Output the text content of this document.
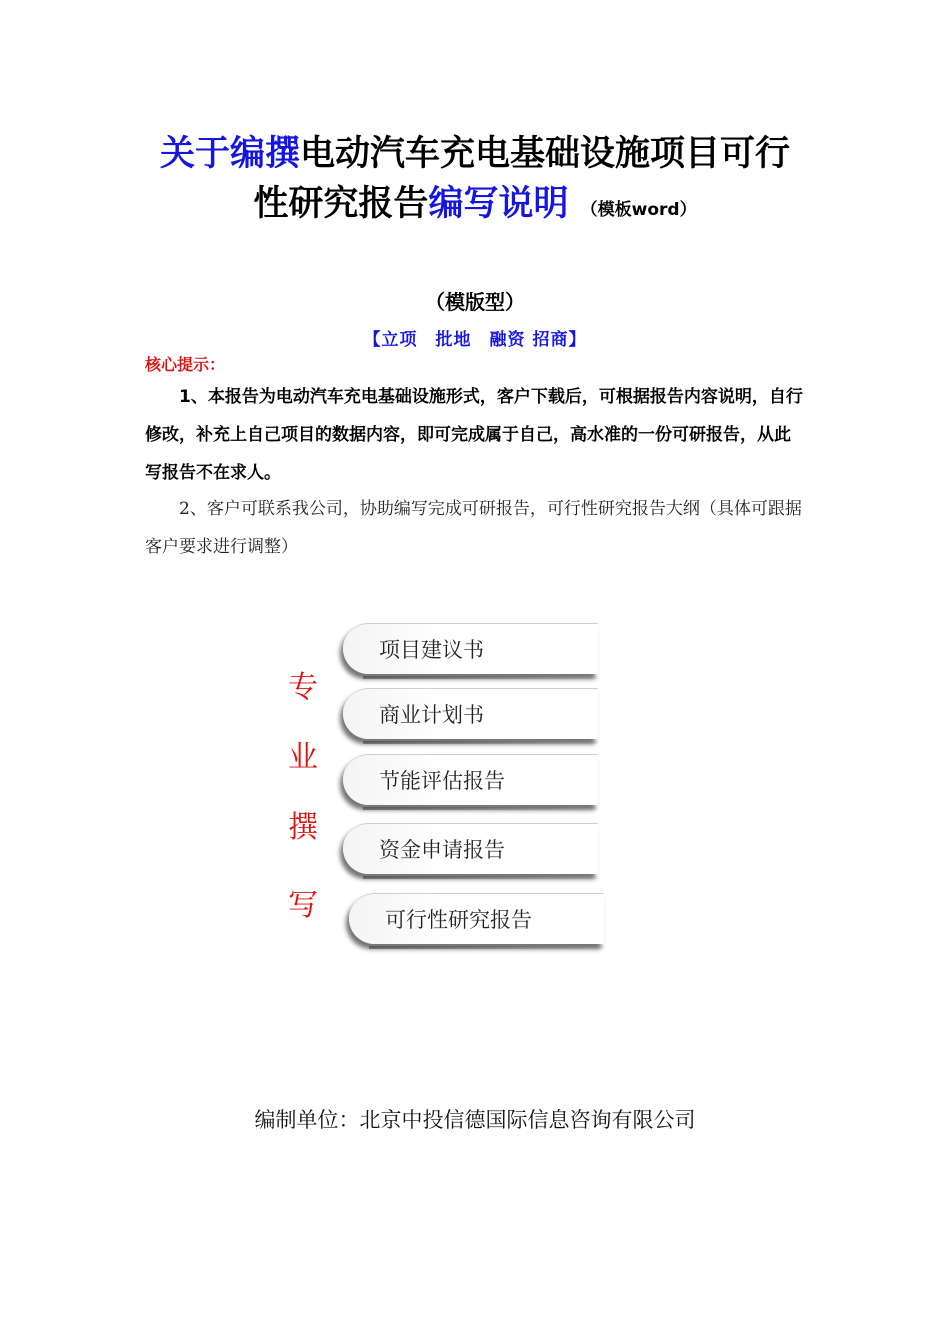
关于编撰电动汽车充电基础设施项目可行
性研究报告编写说明 （模板word）
（模版型）
【立项　批地　融资 招商】
核心提示：
1、本报告为电动汽车充电基础设施形式，客户下载后，可根据报告内容说明，自行修改，补充上自己项目的数据内容，即可完成属于自己，高水准的一份可研报告，从此写报告不在求人。
2、客户可联系我公司，协助编写完成可研报告，可行性研究报告大纲（具体可跟据客户要求进行调整）
专
业
撰
写
项目建议书
商业计划书
节能评估报告
资金申请报告
可行性研究报告
编制单位：北京中投信德国际信息咨询有限公司
